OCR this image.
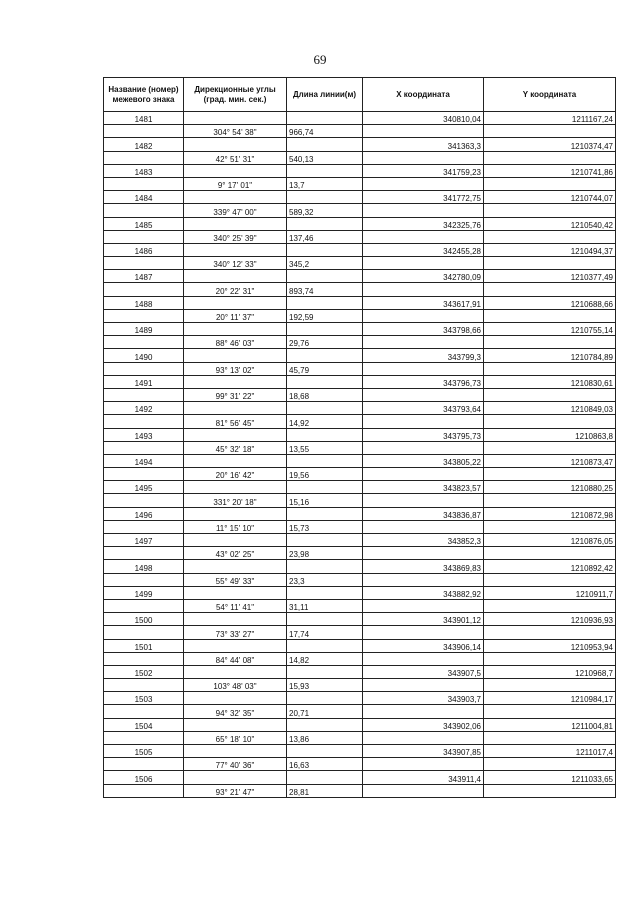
69
Название (номер) межевого знака	Дирекционные углы (град. мин. сек.)	Длина линии(м)	X координата	Y координата
1481			340810,04	1211167,24
	304° 54' 38"	966,74		
1482			341363,3	1210374,47
	42° 51' 31"	540,13		
1483			341759,23	1210741,86
	9° 17' 01"	13,7		
1484			341772,75	1210744,07
	339° 47' 00"	589,32		
1485			342325,76	1210540,42
	340° 25' 39"	137,46		
1486			342455,28	1210494,37
	340° 12' 33"	345,2		
1487			342780,09	1210377,49
	20° 22' 31"	893,74		
1488			343617,91	1210688,66
	20° 11' 37"	192,59		
1489			343798,66	1210755,14
	88° 46' 03"	29,76		
1490			343799,3	1210784,89
	93° 13' 02"	45,79		
1491			343796,73	1210830,61
	99° 31' 22"	18,68		
1492			343793,64	1210849,03
	81° 56' 45"	14,92		
1493			343795,73	1210863,8
	45° 32' 18"	13,55		
1494			343805,22	1210873,47
	20° 16' 42"	19,56		
1495			343823,57	1210880,25
	331° 20' 18"	15,16		
1496			343836,87	1210872,98
	11° 15' 10"	15,73		
1497			343852,3	1210876,05
	43° 02' 25"	23,98		
1498			343869,83	1210892,42
	55° 49' 33"	23,3		
1499			343882,92	1210911,7
	54° 11' 41"	31,11		
1500			343901,12	1210936,93
	73° 33' 27"	17,74		
1501			343906,14	1210953,94
	84° 44' 08"	14,82		
1502			343907,5	1210968,7
	103° 48' 03"	15,93		
1503			343903,7	1210984,17
	94° 32' 35"	20,71		
1504			343902,06	1211004,81
	65° 18' 10"	13,86		
1505			343907,85	1211017,4
	77° 40' 36"	16,63		
1506			343911,4	1211033,65
	93° 21' 47"	28,81		
